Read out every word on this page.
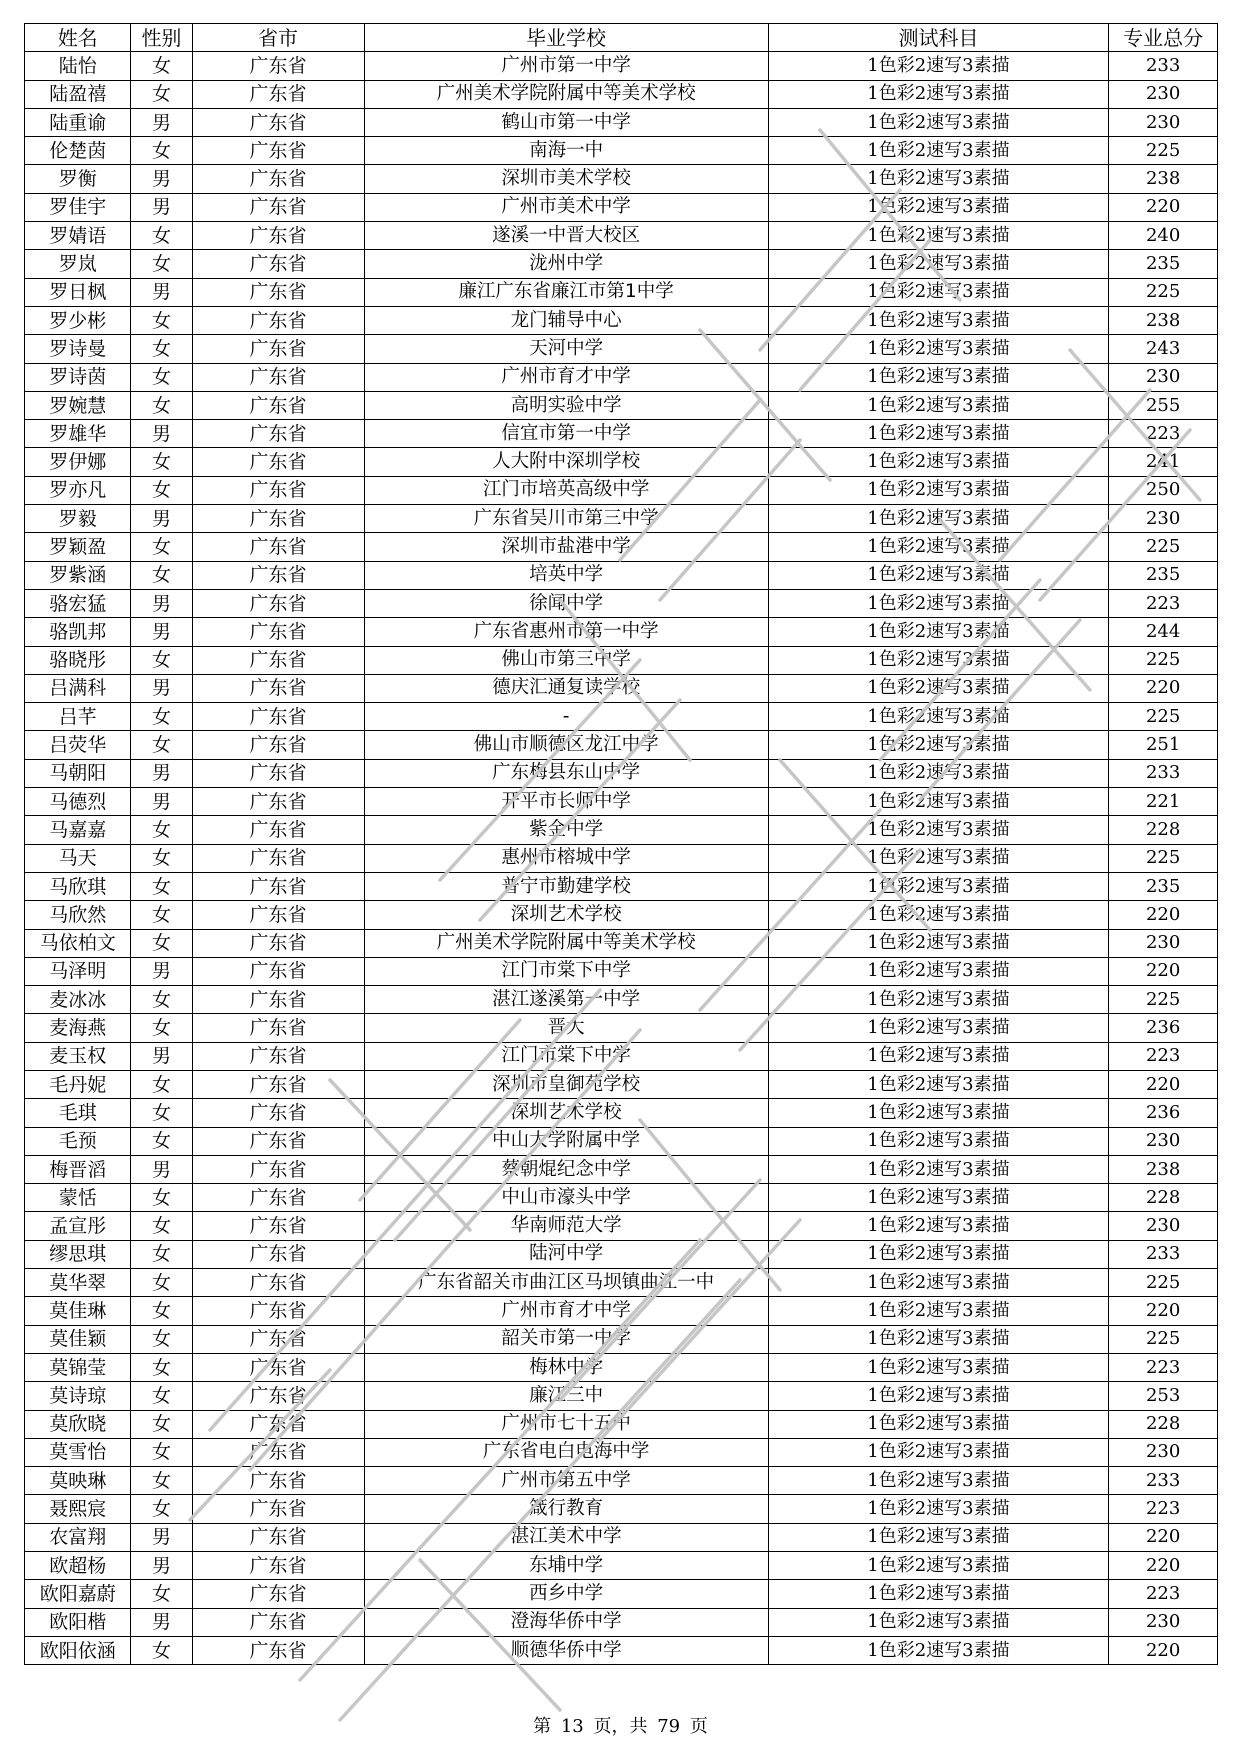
姓名	性别	省市	毕业学校	测试科目	专业总分
陆怡	女	广东省	广州市第一中学	1色彩2速写3素描	233
陆盈禧	女	广东省	广州美术学院附属中等美术学校	1色彩2速写3素描	230
陆重谕	男	广东省	鹤山市第一中学	1色彩2速写3素描	230
伦楚茵	女	广东省	南海一中	1色彩2速写3素描	225
罗衡	男	广东省	深圳市美术学校	1色彩2速写3素描	238
罗佳宇	男	广东省	广州市美术中学	1色彩2速写3素描	220
罗婧语	女	广东省	遂溪一中晋大校区	1色彩2速写3素描	240
罗岚	女	广东省	泷州中学	1色彩2速写3素描	235
罗日枫	男	广东省	廉江广东省廉江市第1中学	1色彩2速写3素描	225
罗少彬	女	广东省	龙门辅导中心	1色彩2速写3素描	238
罗诗曼	女	广东省	天河中学	1色彩2速写3素描	243
罗诗茵	女	广东省	广州市育才中学	1色彩2速写3素描	230
罗婉慧	女	广东省	高明实验中学	1色彩2速写3素描	255
罗雄华	男	广东省	信宜市第一中学	1色彩2速写3素描	223
罗伊娜	女	广东省	人大附中深圳学校	1色彩2速写3素描	241
罗亦凡	女	广东省	江门市培英高级中学	1色彩2速写3素描	250
罗毅	男	广东省	广东省吴川市第三中学	1色彩2速写3素描	230
罗颖盈	女	广东省	深圳市盐港中学	1色彩2速写3素描	225
罗紫涵	女	广东省	培英中学	1色彩2速写3素描	235
骆宏猛	男	广东省	徐闻中学	1色彩2速写3素描	223
骆凯邦	男	广东省	广东省惠州市第一中学	1色彩2速写3素描	244
骆晓彤	女	广东省	佛山市第三中学	1色彩2速写3素描	225
吕满科	男	广东省	德庆汇通复读学校	1色彩2速写3素描	220
吕芊	女	广东省	-	1色彩2速写3素描	225
吕荧华	女	广东省	佛山市顺德区龙江中学	1色彩2速写3素描	251
马朝阳	男	广东省	广东梅县东山中学	1色彩2速写3素描	233
马德烈	男	广东省	开平市长师中学	1色彩2速写3素描	221
马嘉嘉	女	广东省	紫金中学	1色彩2速写3素描	228
马天	女	广东省	惠州市榕城中学	1色彩2速写3素描	225
马欣琪	女	广东省	普宁市勤建学校	1色彩2速写3素描	235
马欣然	女	广东省	深圳艺术学校	1色彩2速写3素描	220
马依柏文	女	广东省	广州美术学院附属中等美术学校	1色彩2速写3素描	230
马泽明	男	广东省	江门市棠下中学	1色彩2速写3素描	220
麦冰冰	女	广东省	湛江遂溪第一中学	1色彩2速写3素描	225
麦海燕	女	广东省	晋大	1色彩2速写3素描	236
麦玉权	男	广东省	江门市棠下中学	1色彩2速写3素描	223
毛丹妮	女	广东省	深圳市皇御苑学校	1色彩2速写3素描	220
毛琪	女	广东省	深圳艺术学校	1色彩2速写3素描	236
毛预	女	广东省	中山大学附属中学	1色彩2速写3素描	230
梅晋滔	男	广东省	蔡朝焜纪念中学	1色彩2速写3素描	238
蒙恬	女	广东省	中山市濠头中学	1色彩2速写3素描	228
孟宣彤	女	广东省	华南师范大学	1色彩2速写3素描	230
缪思琪	女	广东省	陆河中学	1色彩2速写3素描	233
莫华翠	女	广东省	广东省韶关市曲江区马坝镇曲江一中	1色彩2速写3素描	225
莫佳琳	女	广东省	广州市育才中学	1色彩2速写3素描	220
莫佳颖	女	广东省	韶关市第一中学	1色彩2速写3素描	225
莫锦莹	女	广东省	梅林中学	1色彩2速写3素描	223
莫诗琼	女	广东省	廉江三中	1色彩2速写3素描	253
莫欣晓	女	广东省	广州市七十五中	1色彩2速写3素描	228
莫雪怡	女	广东省	广东省电白电海中学	1色彩2速写3素描	230
莫映琳	女	广东省	广州市第五中学	1色彩2速写3素描	233
聂熙宸	女	广东省	箴行教育	1色彩2速写3素描	223
农富翔	男	广东省	湛江美术中学	1色彩2速写3素描	220
欧超杨	男	广东省	东埔中学	1色彩2速写3素描	220
欧阳嘉蔚	女	广东省	西乡中学	1色彩2速写3素描	223
欧阳楷	男	广东省	澄海华侨中学	1色彩2速写3素描	230
欧阳依涵	女	广东省	顺德华侨中学	1色彩2速写3素描	220
第 13 页，共 79 页
